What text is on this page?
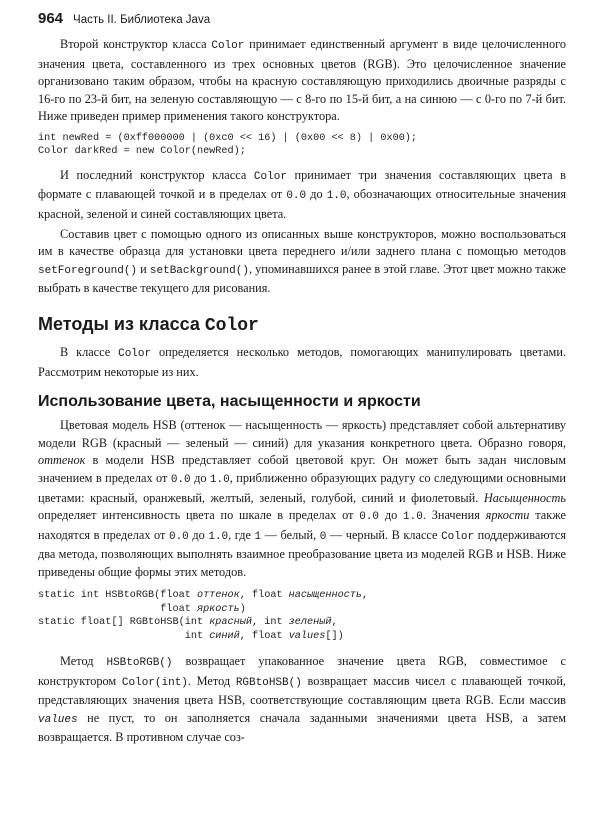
964 Часть II. Библиотека Java

Второй конструктор класса Color принимает единственный аргумент в виде целочисленного значения цвета, составленного из трех основных цветов (RGB). Это целочисленное значение организовано таким образом, чтобы на красную составляющую приходились двоичные разряды с 16-го по 23-й бит, на зеленую составляющую — с 8-го по 15-й бит, а на синюю — с 0-го по 7-й бит. Ниже приведен пример применения такого конструктора.

int newRed = (0xff000000 | (0xc0 << 16) | (0x00 << 8) | 0x00);
Color darkRed = new Color(newRed);

И последний конструктор класса Color принимает три значения составляющих цвета в формате с плавающей точкой и в пределах от 0.0 до 1.0, обозначающих относительные значения красной, зеленой и синей составляющих цвета.

Составив цвет с помощью одного из описанных выше конструкторов, можно воспользоваться им в качестве образца для установки цвета переднего и/или заднего плана с помощью методов setForeground() и setBackground(), упоминавшихся ранее в этой главе. Этот цвет можно также выбрать в качестве текущего для рисования.

Методы из класса Color

В классе Color определяется несколько методов, помогающих манипулировать цветами. Рассмотрим некоторые из них.

Использование цвета, насыщенности и яркости

Цветовая модель HSB (оттенок — насыщенность — яркость) представляет собой альтернативу модели RGB (красный — зеленый — синий) для указания конкретного цвета. Образно говоря, оттенок в модели HSB представляет собой цветовой круг. Он может быть задан числовым значением в пределах от 0.0 до 1.0, приближенно образующих радугу со следующими основными цветами: красный, оранжевый, желтый, зеленый, голубой, синий и фиолетовый. Насыщенность определяет интенсивность цвета по шкале в пределах от 0.0 до 1.0. Значения яркости также находятся в пределах от 0.0 до 1.0, где 1 — белый, 0 — черный. В классе Color поддерживаются два метода, позволяющих выполнять взаимное преобразование цвета из моделей RGB и HSB. Ниже приведены общие формы этих методов.

static int HSBtoRGB(float оттенок, float насыщенность,
float яркость)
static float[] RGBtoHSB(int красный, int зеленый,
int синий, float values[])

Метод HSBtoRGB() возвращает упакованное значение цвета RGB, совместимое с конструктором Color(int). Метод RGBtoHSB() возвращает массив чисел с плавающей точкой, представляющих значения цвета HSB, соответствующие составляющим цвета RGB. Если массив values не пуст, то он заполняется сначала заданными значениями цвета HSB, а затем возвращается. В противном случае соз-
